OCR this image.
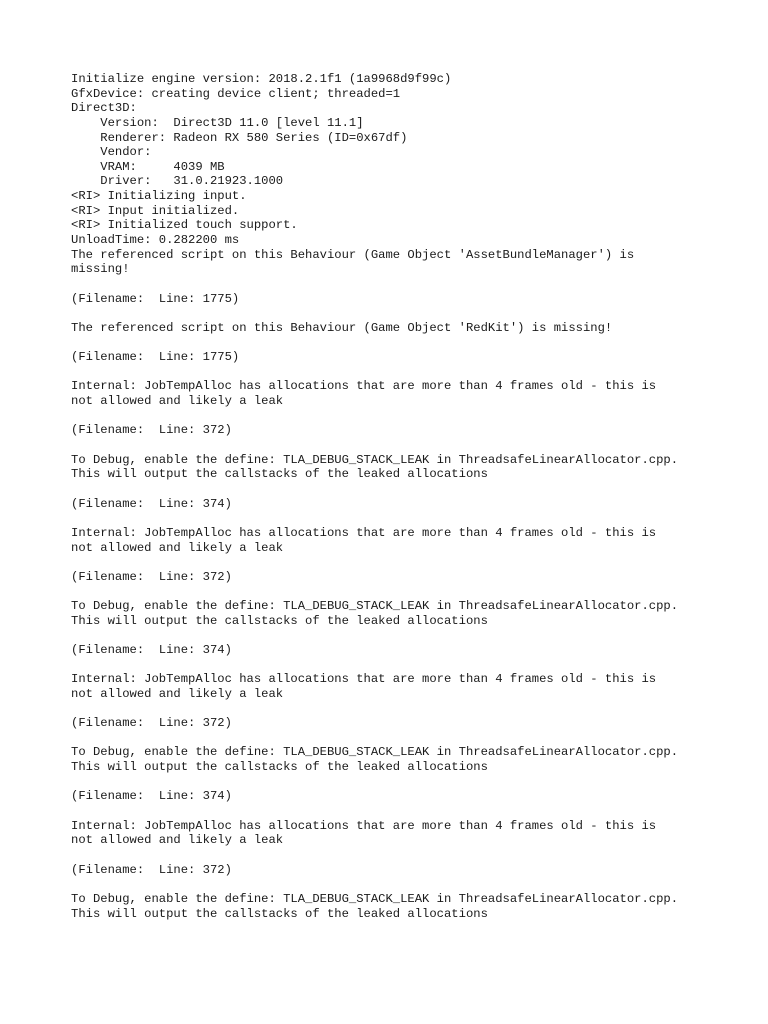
Initialize engine version: 2018.2.1f1 (1a9968d9f99c)
GfxDevice: creating device client; threaded=1
Direct3D:
Version:  Direct3D 11.0 [level 11.1]
Renderer: Radeon RX 580 Series (ID=0x67df)
Vendor:
VRAM:     4039 MB
Driver:   31.0.21923.1000
<RI> Initializing input.
<RI> Input initialized.
<RI> Initialized touch support.
UnloadTime: 0.282200 ms
The referenced script on this Behaviour (Game Object 'AssetBundleManager') is
missing!
(Filename:  Line: 1775)
The referenced script on this Behaviour (Game Object 'RedKit') is missing!
(Filename:  Line: 1775)
Internal: JobTempAlloc has allocations that are more than 4 frames old - this is
not allowed and likely a leak
(Filename:  Line: 372)
To Debug, enable the define: TLA_DEBUG_STACK_LEAK in ThreadsafeLinearAllocator.cpp.
This will output the callstacks of the leaked allocations
(Filename:  Line: 374)
Internal: JobTempAlloc has allocations that are more than 4 frames old - this is
not allowed and likely a leak
(Filename:  Line: 372)
To Debug, enable the define: TLA_DEBUG_STACK_LEAK in ThreadsafeLinearAllocator.cpp.
This will output the callstacks of the leaked allocations
(Filename:  Line: 374)
Internal: JobTempAlloc has allocations that are more than 4 frames old - this is
not allowed and likely a leak
(Filename:  Line: 372)
To Debug, enable the define: TLA_DEBUG_STACK_LEAK in ThreadsafeLinearAllocator.cpp.
This will output the callstacks of the leaked allocations
(Filename:  Line: 374)
Internal: JobTempAlloc has allocations that are more than 4 frames old - this is
not allowed and likely a leak
(Filename:  Line: 372)
To Debug, enable the define: TLA_DEBUG_STACK_LEAK in ThreadsafeLinearAllocator.cpp.
This will output the callstacks of the leaked allocations
